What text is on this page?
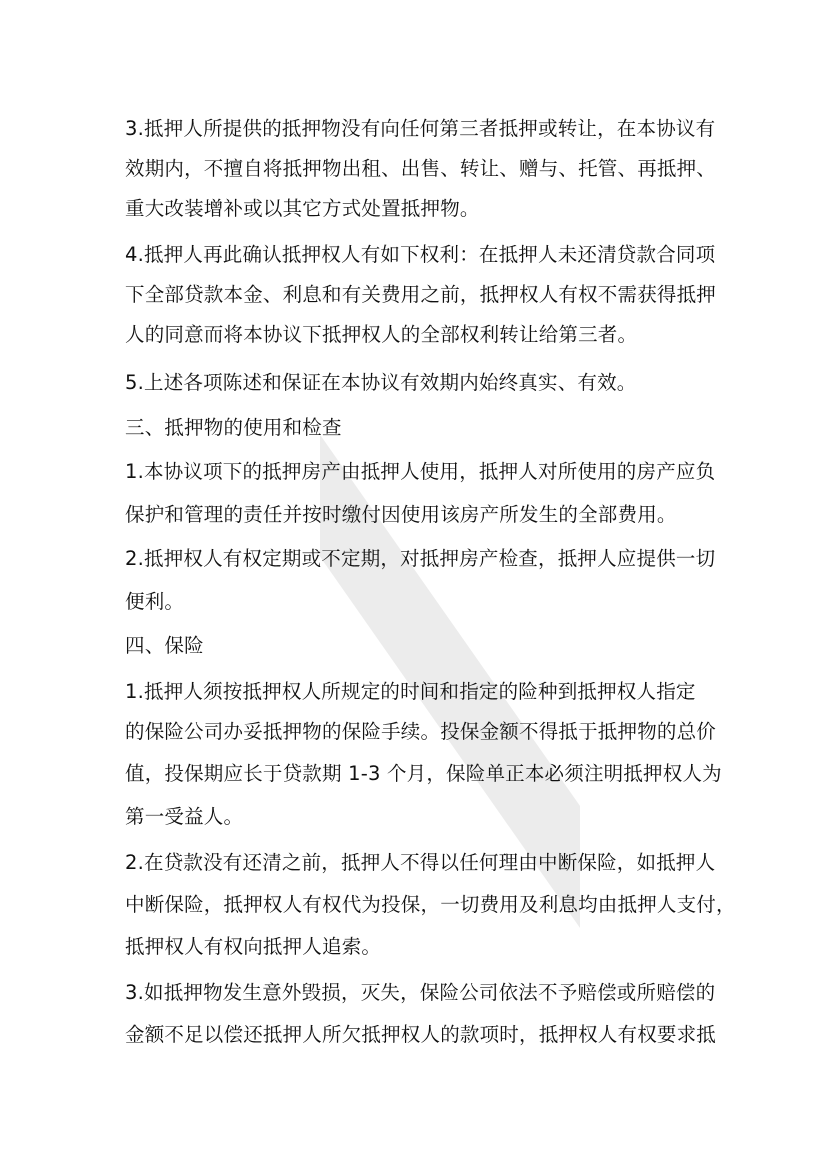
3.抵押人所提供的抵押物没有向任何第三者抵押或转让，在本协议有
效期内，不擅自将抵押物出租、出售、转让、赠与、托管、再抵押、
重大改装增补或以其它方式处置抵押物。
4.抵押人再此确认抵押权人有如下权利：在抵押人未还清贷款合同项
下全部贷款本金、利息和有关费用之前，抵押权人有权不需获得抵押
人的同意而将本协议下抵押权人的全部权利转让给第三者。
5.上述各项陈述和保证在本协议有效期内始终真实、有效。
三、抵押物的使用和检查
1.本协议项下的抵押房产由抵押人使用，抵押人对所使用的房产应负
保护和管理的责任并按时缴付因使用该房产所发生的全部费用。
2.抵押权人有权定期或不定期，对抵押房产检查，抵押人应提供一切
便利。
四、保险
1.抵押人须按抵押权人所规定的时间和指定的险种到抵押权人指定
的保险公司办妥抵押物的保险手续。投保金额不得抵于抵押物的总价
值，投保期应长于贷款期 1-3 个月，保险单正本必须注明抵押权人为
第一受益人。
2.在贷款没有还清之前，抵押人不得以任何理由中断保险，如抵押人
中断保险，抵押权人有权代为投保，一切费用及利息均由抵押人支付，
抵押权人有权向抵押人追索。
3.如抵押物发生意外毁损，灭失，保险公司依法不予赔偿或所赔偿的
金额不足以偿还抵押人所欠抵押权人的款项时，抵押权人有权要求抵
